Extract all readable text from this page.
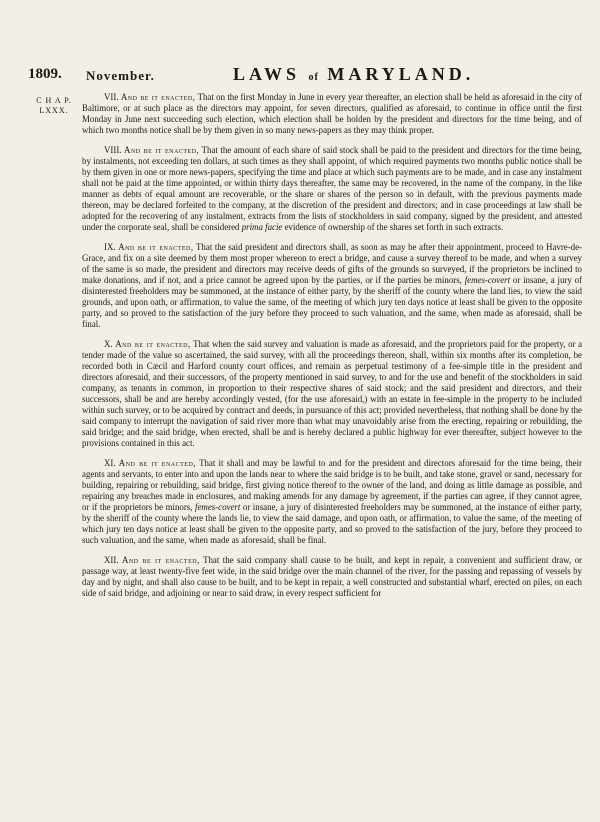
1809. November.	LAWS of MARYLAND.
C H A P.
LXXX.

VII. And be it enacted, That on the first Monday in June in every year thereafter, an election shall be held as aforesaid in the city of Baltimore, or at such place as the directors may appoint, for seven directors, qualified as aforesaid, to continue in office until the first Monday in June next succeeding such election, which election shall be holden by the president and directors for the time being, and of which two months notice shall be by them given in so many news-papers as they may think proper.

VIII. And be it enacted, That the amount of each share of said stock shall be paid to the president and directors for the time being, by instalments, not exceeding ten dollars, at such times as they shall appoint, of which required payments two months public notice shall be by them given in one or more news-papers, specifying the time and place at which such payments are to be made, and in case any instalment shall not be paid at the time appointed, or within thirty days thereafter, the same may be recovered, in the name of the company, in the like manner as debts of equal amount are recoverable, or the share or shares of the person so in default, with the previous payments made thereon, may be declared forfeited to the company, at the discretion of the president and directors; and in case proceedings at law shall be adopted for the recovering of any instalment, extracts from the lists of stockholders in said company, signed by the president, and attested under the corporate seal, shall be considered prima facie evidence of ownership of the shares set forth in such extracts.

IX. And be it enacted, That the said president and directors shall, as soon as may be after their appointment, proceed to Havre-de-Grace, and fix on a site deemed by them most proper whereon to erect a bridge, and cause a survey thereof to be made, and when a survey of the same is so made, the president and directors may receive deeds of gifts of the grounds so surveyed, if the proprietors be inclined to make donations, and if not, and a price cannot be agreed upon by the parties, or if the parties be minors, femes-covert or insane, a jury of disinterested freeholders may be summoned, at the instance of either party, by the sheriff of the county where the land lies, to view the said grounds, and upon oath, or affirmation, to value the same, of the meeting of which jury ten days notice at least shall be given to the opposite party, and so proved to the satisfaction of the jury before they proceed to such valuation, and the same, when made as aforesaid, shall be final.

X. And be it enacted, That when the said survey and valuation is made as aforesaid, and the proprietors paid for the property, or a tender made of the value so ascertained, the said survey, with all the proceedings thereon, shall, within six months after its completion, be recorded both in Cæcil and Harford county court offices, and remain as perpetual testimony of a fee-simple title in the president and directors aforesaid, and their successors, of the property mentioned in said survey, to and for the use and benefit of the stockholders in said company, as tenants in common, in proportion to their respective shares of said stock; and the said president and directors, and their successors, shall be and are hereby accordingly vested, (for the use aforesaid,) with an estate in fee-simple in the property to be included within such survey, or to be acquired by contract and deeds, in pursuance of this act; provided nevertheless, that nothing shall be done by the said company to interrupt the navigation of said river more than what may unavoidably arise from the erecting, repairing or rebuilding, the said bridge; and the said bridge, when erected, shall be and is hereby declared a public highway for ever thereafter, subject however to the provisions contained in this act.

XI. And be it enacted, That it shall and may be lawful to and for the president and directors aforesaid for the time being, their agents and servants, to enter into and upon the lands near to where the said bridge is to be built, and take stone, gravel or sand, necessary for building, repairing or rebuilding, said bridge, first giving notice thereof to the owner of the land, and doing as little damage as possible, and repairing any breaches made in enclosures, and making amends for any damage by agreement, if the parties can agree, if they cannot agree, or if the proprietors be minors, femes-covert or insane, a jury of disinterested freeholders may be summoned, at the instance of either party, by the sheriff of the county where the lands lie, to view the said damage, and upon oath, or affirmation, to value the same, of the meeting of which jury ten days notice at least shall be given to the opposite party, and so proved to the satisfaction of the jury, before they proceed to such valuation, and the same, when made as aforesaid, shall be final.

XII. And be it enacted, That the said company shall cause to be built, and kept in repair, a convenient and sufficient draw, or passage way, at least twenty-five feet wide, in the said bridge over the main channel of the river, for the passing and repassing of vessels by day and by night, and shall also cause to be built, and to be kept in repair, a well constructed and substantial wharf, erected on piles, on each side of said bridge, and adjoining or near to said draw, in every respect sufficient for
